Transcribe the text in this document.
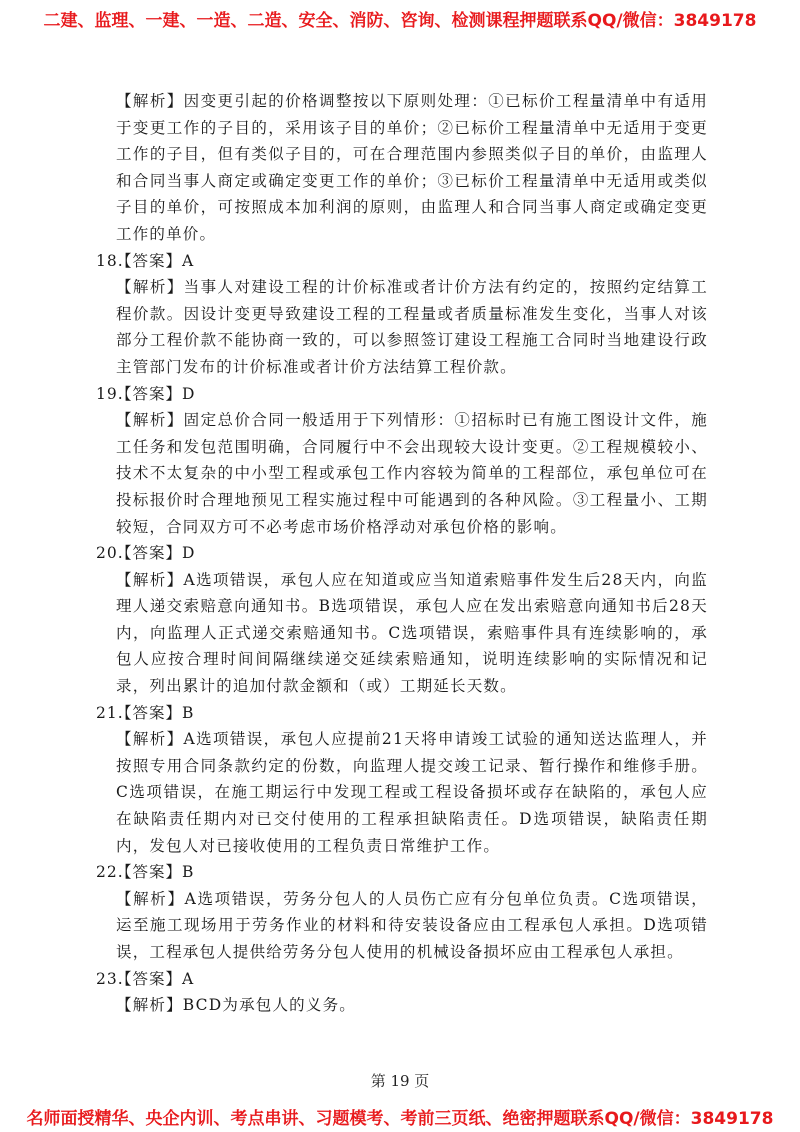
二建、监理、一建、一造、二造、安全、消防、咨询、检测课程押题联系QQ/微信：3849178

【解析】因变更引起的价格调整按以下原则处理：①已标价工程量清单中有适用于变更工作的子目的，采用该子目的单价；②已标价工程量清单中无适用于变更工作的子目，但有类似子目的，可在合理范围内参照类似子目的单价，由监理人和合同当事人商定或确定变更工作的单价；③已标价工程量清单中无适用或类似子目的单价，可按照成本加利润的原则，由监理人和合同当事人商定或确定变更工作的单价。

18.【答案】A

【解析】当事人对建设工程的计价标准或者计价方法有约定的，按照约定结算工程价款。因设计变更导致建设工程的工程量或者质量标准发生变化，当事人对该部分工程价款不能协商一致的，可以参照签订建设工程施工合同时当地建设行政主管部门发布的计价标准或者计价方法结算工程价款。

19.【答案】D

【解析】固定总价合同一般适用于下列情形：①招标时已有施工图设计文件，施工任务和发包范围明确，合同履行中不会出现较大设计变更。②工程规模较小、技术不太复杂的中小型工程或承包工作内容较为简单的工程部位，承包单位可在投标报价时合理地预见工程实施过程中可能遇到的各种风险。③工程量小、工期较短，合同双方可不必考虑市场价格浮动对承包价格的影响。

20.【答案】D

【解析】A选项错误，承包人应在知道或应当知道索赔事件发生后28天内，向监理人递交索赔意向通知书。B选项错误，承包人应在发出索赔意向通知书后28天内，向监理人正式递交索赔通知书。C选项错误，索赔事件具有连续影响的，承包人应按合理时间间隔继续递交延续索赔通知，说明连续影响的实际情况和记录，列出累计的追加付款金额和（或）工期延长天数。

21.【答案】B

【解析】A选项错误，承包人应提前21天将申请竣工试验的通知送达监理人，并按照专用合同条款约定的份数，向监理人提交竣工记录、暂行操作和维修手册。C选项错误，在施工期运行中发现工程或工程设备损坏或存在缺陷的，承包人应在缺陷责任期内对已交付使用的工程承担缺陷责任。D选项错误，缺陷责任期内，发包人对已接收使用的工程负责日常维护工作。

22.【答案】B

【解析】A选项错误，劳务分包人的人员伤亡应有分包单位负责。C选项错误，运至施工现场用于劳务作业的材料和待安装设备应由工程承包人承担。D选项错误，工程承包人提供给劳务分包人使用的机械设备损坏应由工程承包人承担。

23.【答案】A

【解析】BCD为承包人的义务。

第 19 页
名师面授精华、央企内训、考点串讲、习题模考、考前三页纸、绝密押题联系QQ/微信：3849178
